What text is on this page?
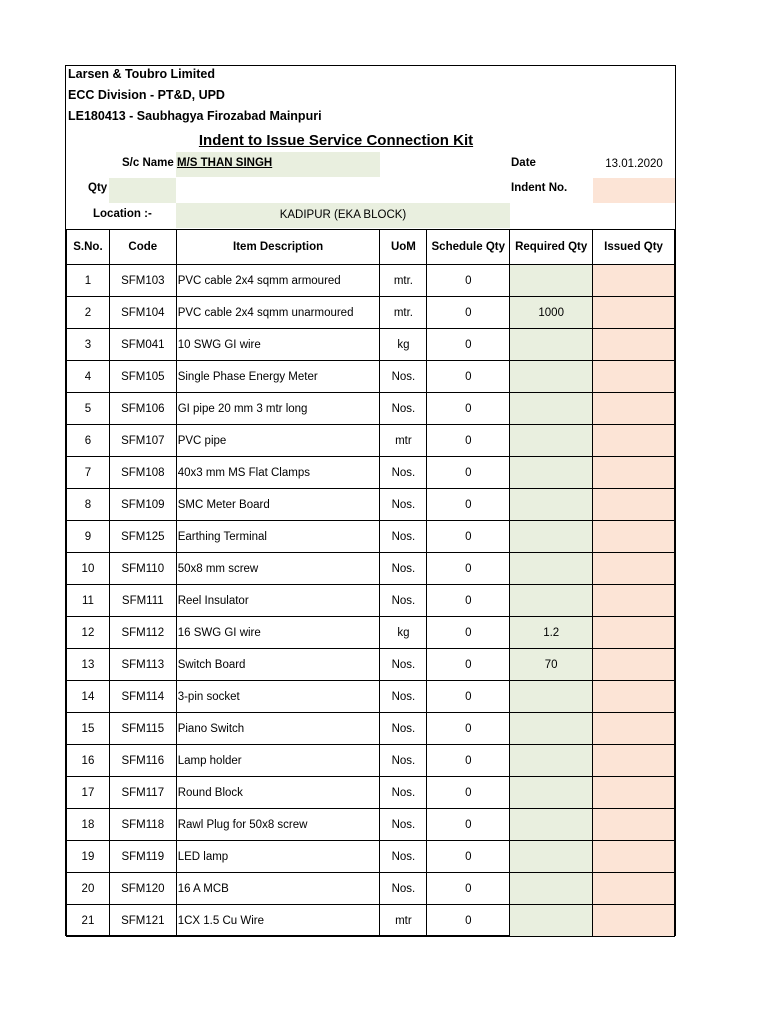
Larsen & Toubro Limited
ECC Division - PT&D, UPD
LE180413 - Saubhagya Firozabad Mainpuri
Indent to Issue Service Connection Kit
S/c Name M/S THAN SINGH	Date	13.01.2020
Qty	Indent No.
Location :-	KADIPUR (EKA BLOCK)
S.No.	Code	Item Description	UoM	Schedule Qty	Required Qty	Issued Qty
1	SFM103	PVC cable 2x4 sqmm armoured	mtr.	0		
2	SFM104	PVC cable 2x4 sqmm unarmoured	mtr.	0	1000	
3	SFM041	10 SWG GI wire	kg	0		
4	SFM105	Single Phase Energy Meter	Nos.	0		
5	SFM106	GI pipe 20 mm 3 mtr long	Nos.	0		
6	SFM107	PVC pipe	mtr	0		
7	SFM108	40x3 mm MS Flat Clamps	Nos.	0		
8	SFM109	SMC Meter Board	Nos.	0		
9	SFM125	Earthing Terminal	Nos.	0		
10	SFM110	50x8 mm screw	Nos.	0		
11	SFM111	Reel Insulator	Nos.	0		
12	SFM112	16 SWG GI wire	kg	0	1.2	
13	SFM113	Switch Board	Nos.	0	70	
14	SFM114	3-pin socket	Nos.	0		
15	SFM115	Piano Switch	Nos.	0		
16	SFM116	Lamp holder	Nos.	0		
17	SFM117	Round Block	Nos.	0		
18	SFM118	Rawl Plug for 50x8 screw	Nos.	0		
19	SFM119	LED lamp	Nos.	0		
20	SFM120	16 A MCB	Nos.	0		
21	SFM121	1CX 1.5 Cu Wire	mtr	0		
